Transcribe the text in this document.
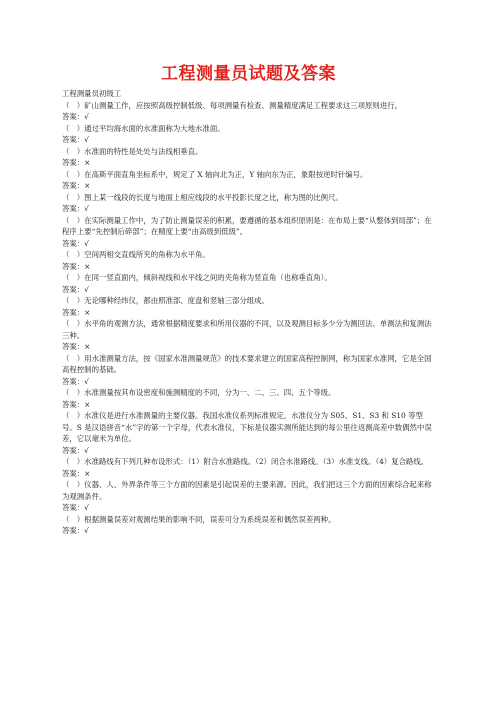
工程测量员试题及答案
工程测量员初级工
（　）矿山测量工作，应按照高级控制低级、每项测量有检查、测量精度满足工程要求这三项原则进行。
答案：√
（　）通过平均海水面的水准面称为大地水准面。
答案：√
（　）水准面的特性是处处与法线相垂直。
答案：×
（　）在高斯平面直角坐标系中，规定了 X 轴向北为正，Y 轴向东为正，象限按逆时针编号。
答案：×
（　）图上某一线段的长度与地面上相应线段的水平投影长度之比，称为图的比例尺。
答案：√
（　）在实际测量工作中，为了防止测量误差的积累，要遵循的基本组织原则是：在布局上要“从整体到局部”；在程序上要“先控制后碎部”；在精度上要“由高级到低级”。
答案：√
（　）空间两相交直线所夹的角称为水平角。
答案：×
（　）在同一竖直面内，倾斜视线和水平线之间的夹角称为竖直角（也称垂直角）。
答案：√
（　）无论哪种经纬仪，都由照准部、度盘和竖轴三部分组成。
答案：×
（　）水平角的观测方法，通常根据精度要求和所用仪器的不同，以及观测目标多少分为测回法、单测法和复测法三种。
答案：×
（　）用水准测量方法，按《国家水准测量规范》的技术要求建立的国家高程控制网，称为国家水准网，它是全国高程控制的基础。
答案：√
（　）水准测量按其布设密度和施测精度的不同，分为一、二、三、四、五个等级。
答案：×
（　）水准仪是进行水准测量的主要仪器。我国水准仪系列标准规定，水准仪分为 S05、S1、S3 和 S10 等型号。S 是汉语拼音“水”字的第一个字母，代表水准仪，下标是仪器实测所能达到的每公里往返测高差中数偶然中误差，它以毫米为单位。
答案：√
（　）水准路线有下列几种布设形式：（1）附合水准路线。（2）闭合水准路线。（3）水准支线。（4）复合路线。
答案：×
（　）仪器、人、外界条件等三个方面的因素是引起误差的主要来源。因此，我们把这三个方面的因素综合起来称为观测条件。
答案：√
（　）根据测量误差对观测结果的影响不同，误差可分为系统误差和偶然误差两种。
答案：√
